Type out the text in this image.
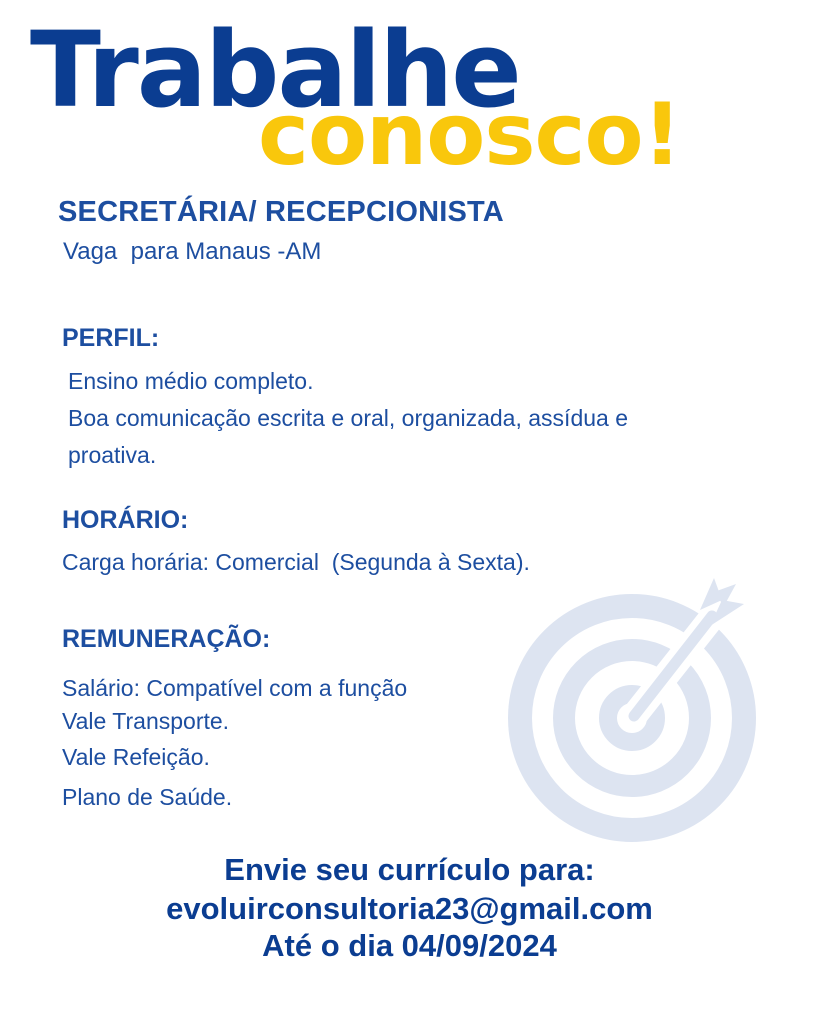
Trabalhe
conosco!
SECRETÁRIA/ RECEPCIONISTA
Vaga  para Manaus -AM
PERFIL:
Ensino médio completo.
Boa comunicação escrita e oral, organizada, assídua e
proativa.
HORÁRIO:
Carga horária: Comercial  (Segunda à Sexta).
REMUNERAÇÃO:
Salário: Compatível com a função
Vale Transporte.
Vale Refeição.
Plano de Saúde.
Envie seu currículo para:
evoluirconsultoria23@gmail.com
Até o dia 04/09/2024
